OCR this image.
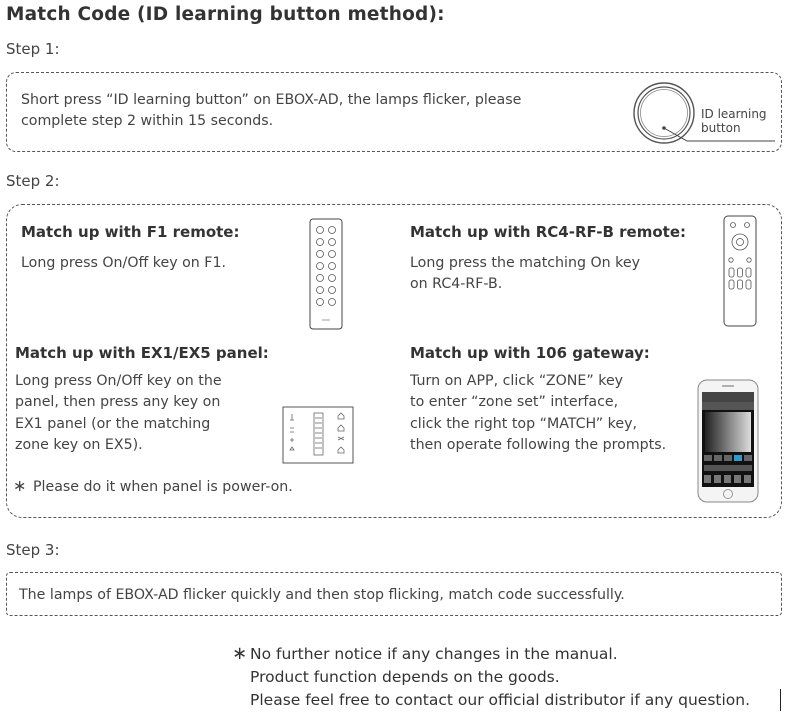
Match Code (ID learning button method):
Step 1:
Short press “ID learning button” on EBOX-AD, the lamps flicker, please
complete step 2 within 15 seconds.	ID learning
button
Step 2:
Match up with F1 remote:
Long press On/Off key on F1.
Match up with RC4-RF-B remote:
Long press the matching On key
on RC4-RF-B.
Match up with EX1/EX5 panel:
Long press On/Off key on the
panel, then press any key on
EX1 panel (or the matching
zone key on EX5).
∗ Please do it when panel is power-on.
Match up with 106 gateway:
Turn on APP, click “ZONE” key
to enter “zone set” interface,
click the right top “MATCH” key,
then operate following the prompts.
Step 3:
The lamps of EBOX-AD flicker quickly and then stop flicking, match code successfully.
∗ No further notice if any changes in the manual.
Product function depends on the goods.
Please feel free to contact our official distributor if any question.
